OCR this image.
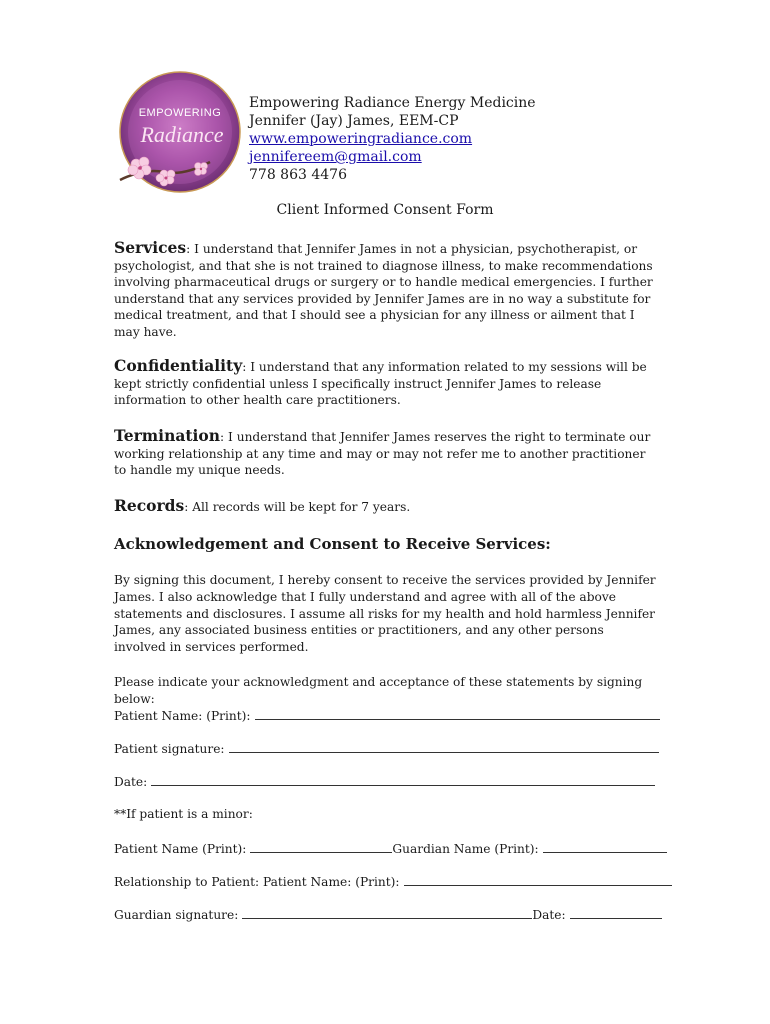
EMPOWERING
Radiance
Empowering Radiance Energy Medicine
Jennifer (Jay) James, EEM-CP
www.empoweringradiance.com
jennifereem@gmail.com
778 863 4476
Client Informed Consent Form
Services: I understand that Jennifer James in not a physician, psychotherapist, or psychologist, and that she is not trained to diagnose illness, to make recommendations involving pharmaceutical drugs or surgery or to handle medical emergencies. I further understand that any services provided by Jennifer James are in no way a substitute for medical treatment, and that I should see a physician for any illness or ailment that I may have.
Confidentiality: I understand that any information related to my sessions will be kept strictly confidential unless I specifically instruct Jennifer James to release information to other health care practitioners.
Termination: I understand that Jennifer James reserves the right to terminate our working relationship at any time and may or may not refer me to another practitioner to handle my unique needs.
Records: All records will be kept for 7 years.
Acknowledgement and Consent to Receive Services:
By signing this document, I hereby consent to receive the services provided by Jennifer James. I also acknowledge that I fully understand and agree with all of the above statements and disclosures. I assume all risks for my health and hold harmless Jennifer James, any associated business entities or practitioners, and any other persons involved in services performed.
Please indicate your acknowledgment and acceptance of these statements by signing below:
Patient Name: (Print):
Patient signature:
Date:
**If patient is a minor:
Patient Name (Print):	Guardian Name (Print):
Relationship to Patient: Patient Name: (Print):
Guardian signature:	Date:
